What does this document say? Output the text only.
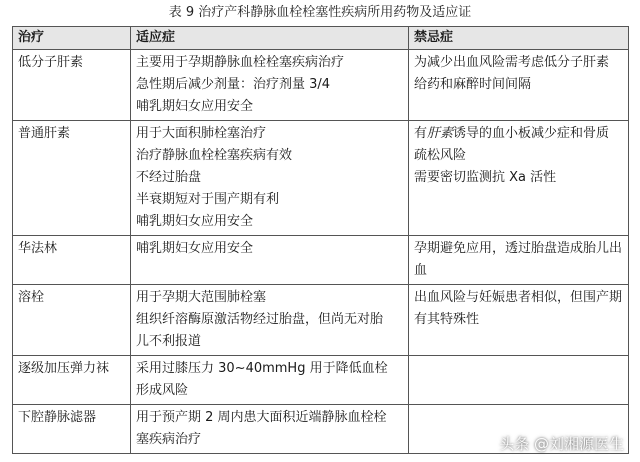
表 9 治疗产科静脉血栓栓塞性疾病所用药物及适应证
治疗	适应症	禁忌症
低分子肝素	主要用于孕期静脉血栓栓塞疾病治疗
急性期后减少剂量：治疗剂量 3/4
哺乳期妇女应用安全	为减少出血风险需考虑低分子肝素
给药和麻醉时间间隔

普通肝素	用于大面积肺栓塞治疗
治疗静脉血栓栓塞疾病有效
不经过胎盘
半衰期短对于围产期有利
哺乳期妇女应用安全	有肝素诱导的血小板减少症和骨质
疏松风险
需要密切监测抗 Xa 活性

华法林	哺乳期妇女应用安全	孕期避免应用，透过胎盘造成胎儿出
血

溶栓	用于孕期大范围肺栓塞
组织纤溶酶原激活物经过胎盘，但尚无对胎
儿不利报道	出血风险与妊娠患者相似，但围产期
有其特殊性

逐级加压弹力袜	采用过膝压力 30~40mmHg 用于降低血栓
形成风险	

下腔静脉滤器	用于预产期 2 周内患大面积近端静脉血栓栓
塞疾病治疗	
		头条 @刘湘源医生
